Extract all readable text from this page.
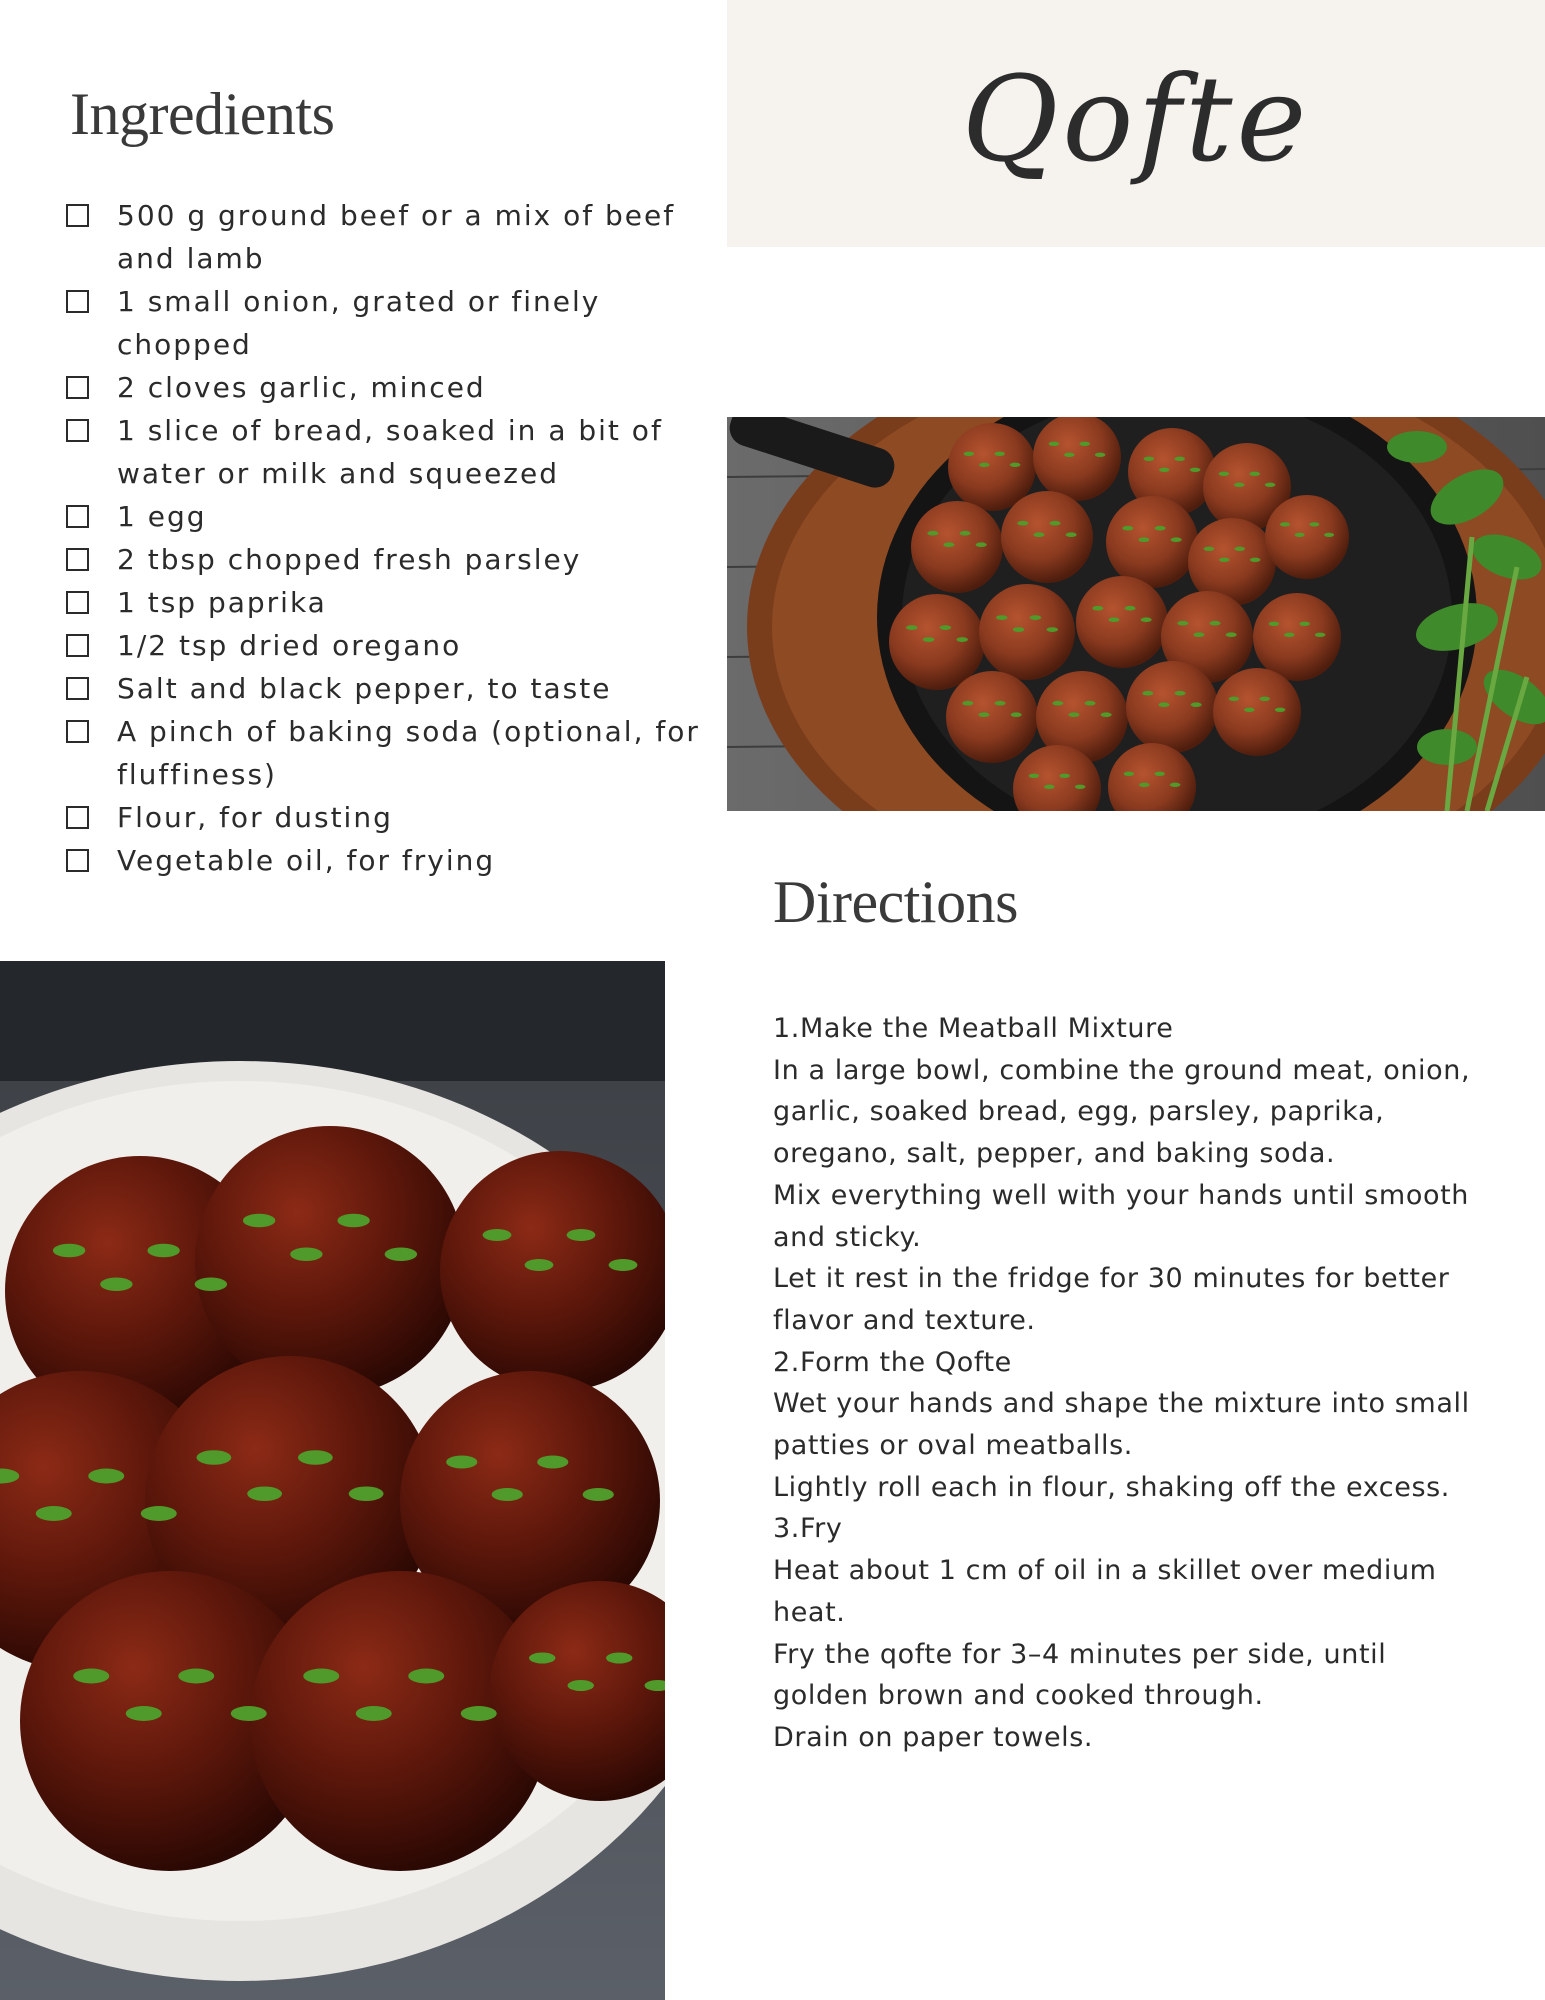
Qofte
Ingredients
500 g ground beef or a mix of beef
and lamb
1 small onion, grated or finely chopped
2 cloves garlic, minced
1 slice of bread, soaked in a bit of
water or milk and squeezed
1 egg
2 tbsp chopped fresh parsley
1 tsp paprika
1/2 tsp dried oregano
Salt and black pepper, to taste
A pinch of baking soda (optional, for
fluffiness)
Flour, for dusting
Vegetable oil, for frying
Directions
1.Make the Meatball Mixture
In a large bowl, combine the ground meat, onion,
garlic, soaked bread, egg, parsley, paprika,
oregano, salt, pepper, and baking soda.
Mix everything well with your hands until smooth
and sticky.
Let it rest in the fridge for 30 minutes for better
flavor and texture.
2.Form the Qofte
Wet your hands and shape the mixture into small
patties or oval meatballs.
Lightly roll each in flour, shaking off the excess.
3.Fry
Heat about 1 cm of oil in a skillet over medium
heat.
Fry the qofte for 3–4 minutes per side, until
golden brown and cooked through.
Drain on paper towels.
